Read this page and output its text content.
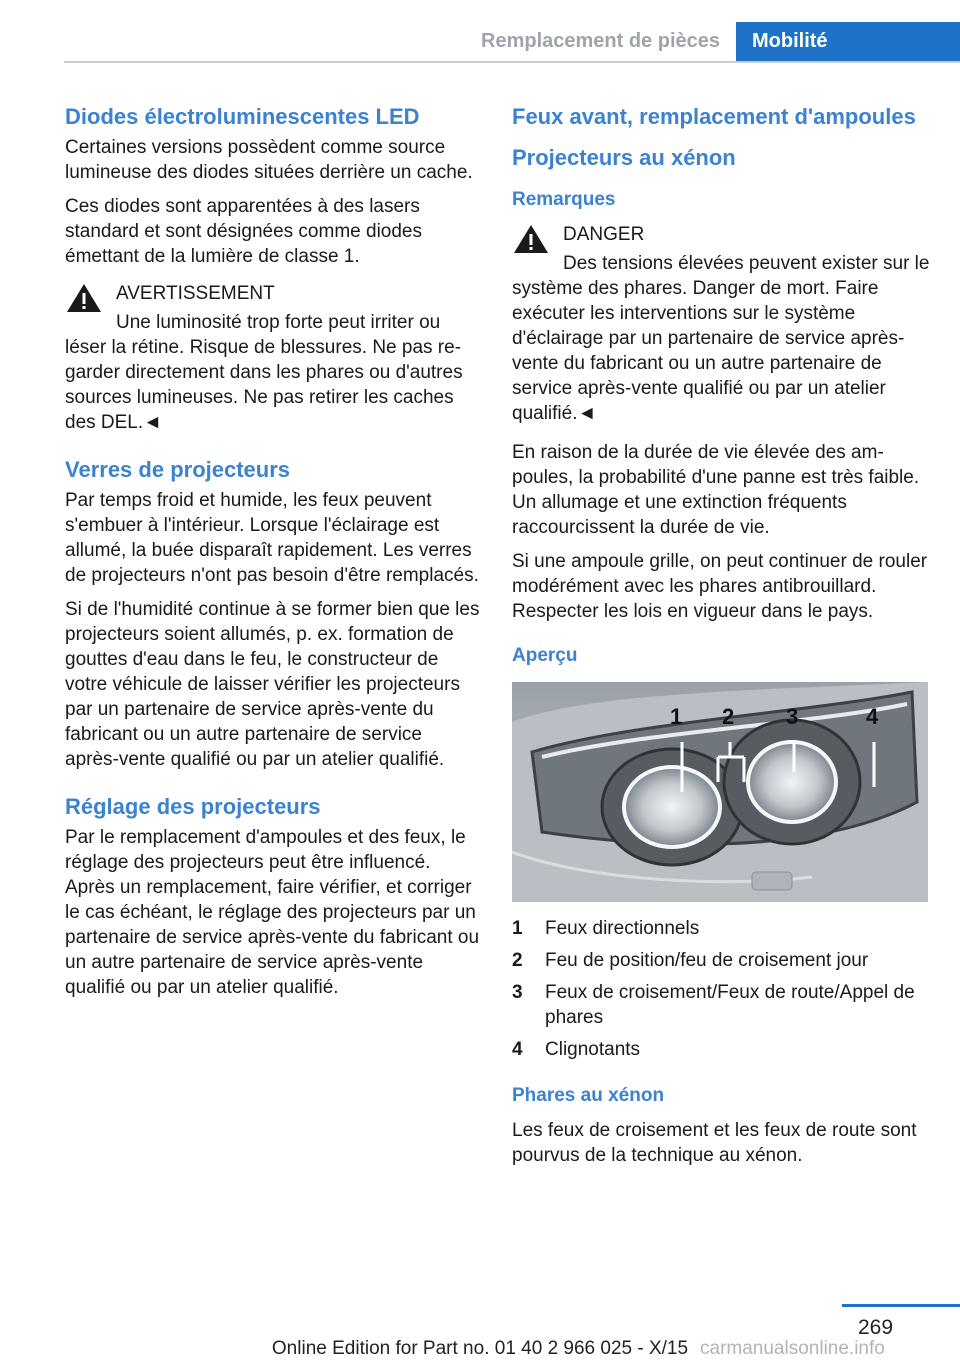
Remplacement de pièces	Mobilité
Diodes électroluminescentes LED
Certaines versions possèdent comme source lumineuse des diodes situées derrière un cache.
Ces diodes sont apparentées à des lasers standard et sont désignées comme diodes émettant de la lumière de classe 1.
AVERTISSEMENT
Une luminosité trop forte peut irriter ou léser la rétine. Risque de blessures. Ne pas regarder directement dans les phares ou d'autres sources lumineuses. Ne pas retirer les caches des DEL.◄
Verres de projecteurs
Par temps froid et humide, les feux peuvent s'embuer à l'intérieur. Lorsque l'éclairage est allumé, la buée disparaît rapidement. Les verres de projecteurs n'ont pas besoin d'être remplacés.
Si de l'humidité continue à se former bien que les projecteurs soient allumés, p. ex. formation de gouttes d'eau dans le feu, le constructeur de votre véhicule de laisser vérifier les projecteurs par un partenaire de service après-vente du fabricant ou un autre partenaire de service après-vente qualifié ou par un atelier qualifié.
Réglage des projecteurs
Par le remplacement d'ampoules et des feux, le réglage des projecteurs peut être influencé. Après un remplacement, faire vérifier, et corriger le cas échéant, le réglage des projecteurs par un partenaire de service après-vente du fabricant ou un autre partenaire de service après-vente qualifié ou par un atelier qualifié.
Feux avant, remplacement d'ampoules
Projecteurs au xénon
Remarques
DANGER
Des tensions élevées peuvent exister sur le système des phares. Danger de mort. Faire exécuter les interventions sur le système d'éclairage par un partenaire de service après-vente du fabricant ou un autre partenaire de service après-vente qualifié ou par un atelier qualifié.◄
En raison de la durée de vie élevée des ampoules, la probabilité d'une panne est très faible. Un allumage et une extinction fréquents raccourcissent la durée de vie.
Si une ampoule grille, on peut continuer de rouler modérément avec les phares antibrouillard. Respecter les lois en vigueur dans le pays.
Aperçu
1 2 3	4
1	Feux directionnels
2	Feu de position/feu de croisement jour
3	Feux de croisement/Feux de route/Appel de phares
4	Clignotants
Phares au xénon
Les feux de croisement et les feux de route sont pourvus de la technique au xénon.
269
Online Edition for Part no. 01 40 2 966 025 - X/15 carmanualsonline.info
